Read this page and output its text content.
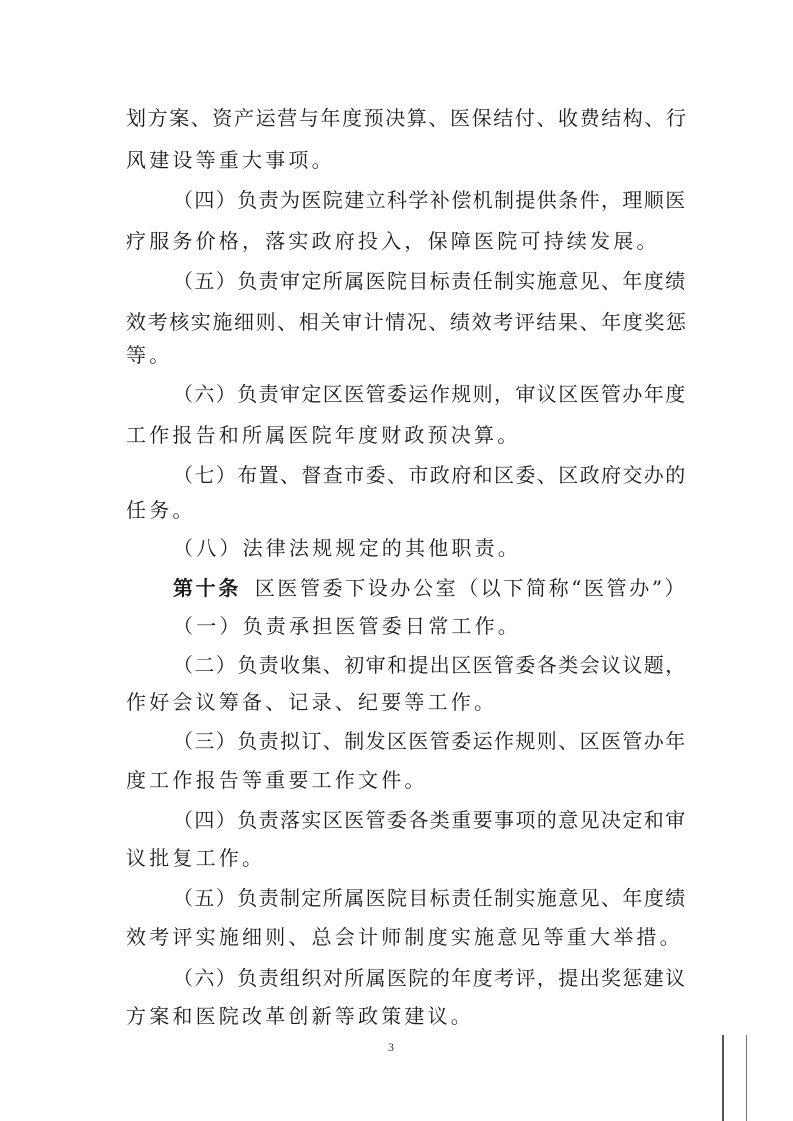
划方案、资产运营与年度预决算、医保结付、收费结构、行
风建设等重大事项。
（四）负责为医院建立科学补偿机制提供条件，理顺医
疗服务价格，落实政府投入，保障医院可持续发展。
（五）负责审定所属医院目标责任制实施意见、年度绩
效考核实施细则、相关审计情况、绩效考评结果、年度奖惩
等。
（六）负责审定区医管委运作规则，审议区医管办年度
工作报告和所属医院年度财政预决算。
（七）布置、督查市委、市政府和区委、区政府交办的
任务。
（八）法律法规规定的其他职责。
第十条 区医管委下设办公室（以下简称“医管办”）
（一）负责承担医管委日常工作。
（二）负责收集、初审和提出区医管委各类会议议题，
作好会议筹备、记录、纪要等工作。
（三）负责拟订、制发区医管委运作规则、区医管办年
度工作报告等重要工作文件。
（四）负责落实区医管委各类重要事项的意见决定和审
议批复工作。
（五）负责制定所属医院目标责任制实施意见、年度绩
效考评实施细则、总会计师制度实施意见等重大举措。
（六）负责组织对所属医院的年度考评，提出奖惩建议
方案和医院改革创新等政策建议。
3
